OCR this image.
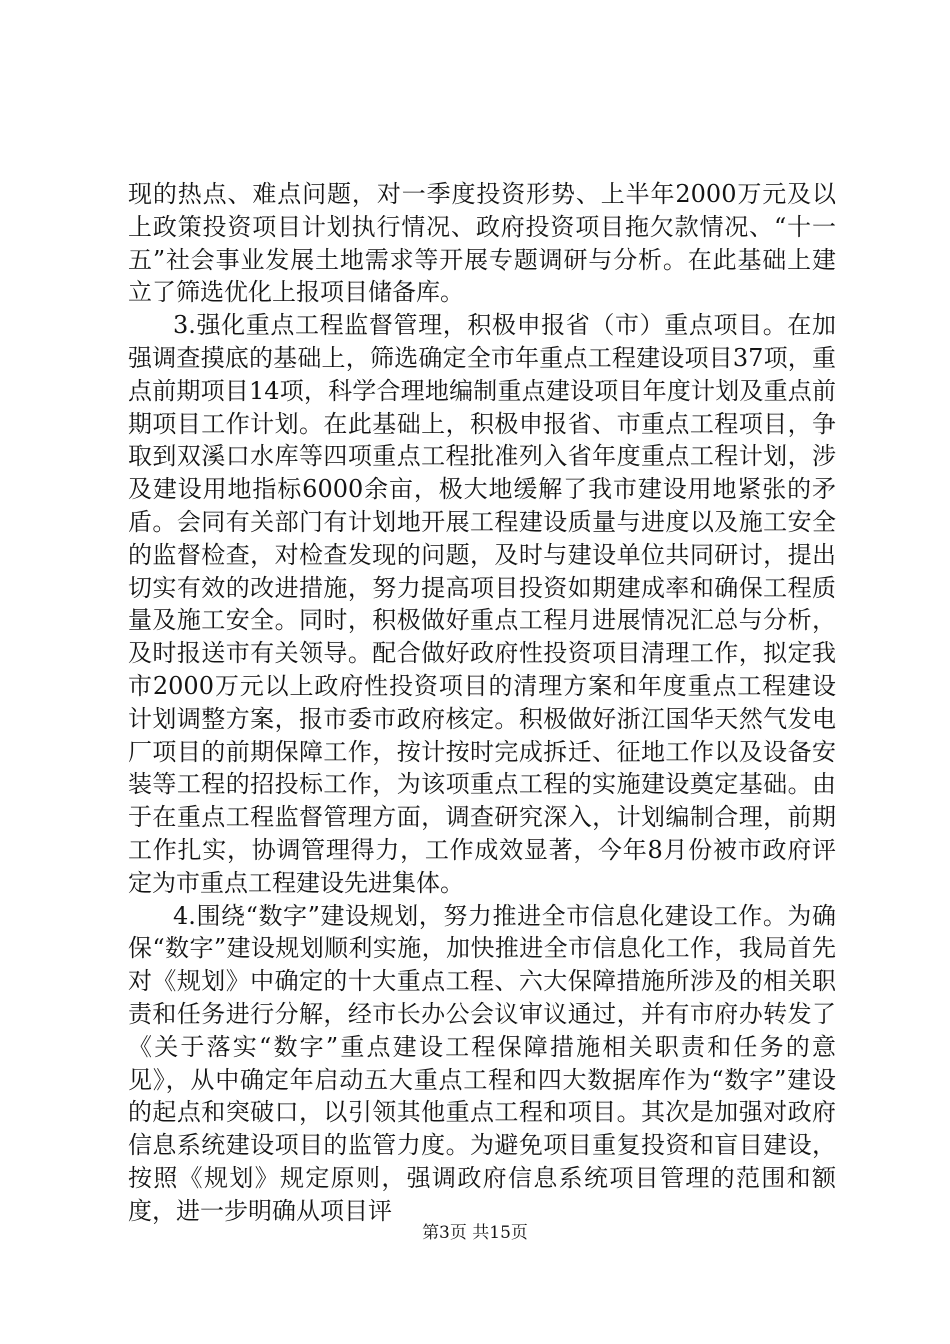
现的热点、难点问题，对一季度投资形势、上半年2000万元及以上政策投资项目计划执行情况、政府投资项目拖欠款情况、“十一五”社会事业发展土地需求等开展专题调研与分析。在此基础上建立了筛选优化上报项目储备库。

3.强化重点工程监督管理，积极申报省（市）重点项目。在加强调查摸底的基础上，筛选确定全市年重点工程建设项目37项，重点前期项目14项，科学合理地编制重点建设项目年度计划及重点前期项目工作计划。在此基础上，积极申报省、市重点工程项目，争取到双溪口水库等四项重点工程批准列入省年度重点工程计划，涉及建设用地指标6000余亩，极大地缓解了我市建设用地紧张的矛盾。会同有关部门有计划地开展工程建设质量与进度以及施工安全的监督检查，对检查发现的问题，及时与建设单位共同研讨，提出切实有效的改进措施，努力提高项目投资如期建成率和确保工程质量及施工安全。同时，积极做好重点工程月进展情况汇总与分析，及时报送市有关领导。配合做好政府性投资项目清理工作，拟定我市2000万元以上政府性投资项目的清理方案和年度重点工程建设计划调整方案，报市委市政府核定。积极做好浙江国华天然气发电厂项目的前期保障工作，按计按时完成拆迁、征地工作以及设备安装等工程的招投标工作，为该项重点工程的实施建设奠定基础。由于在重点工程监督管理方面，调查研究深入，计划编制合理，前期工作扎实，协调管理得力，工作成效显著，今年8月份被市政府评定为市重点工程建设先进集体。

4.围绕“数字”建设规划，努力推进全市信息化建设工作。为确保“数字”建设规划顺利实施，加快推进全市信息化工作，我局首先对《规划》中确定的十大重点工程、六大保障措施所涉及的相关职责和任务进行分解，经市长办公会议审议通过，并有市府办转发了《关于落实“数字”重点建设工程保障措施相关职责和任务的意见》，从中确定年启动五大重点工程和四大数据库作为“数字”建设的起点和突破口，以引领其他重点工程和项目。其次是加强对政府信息系统建设项目的监管力度。为避免项目重复投资和盲目建设，按照《规划》规定原则，强调政府信息系统项目管理的范围和额度，进一步明确从项目评

第3页 共15页
